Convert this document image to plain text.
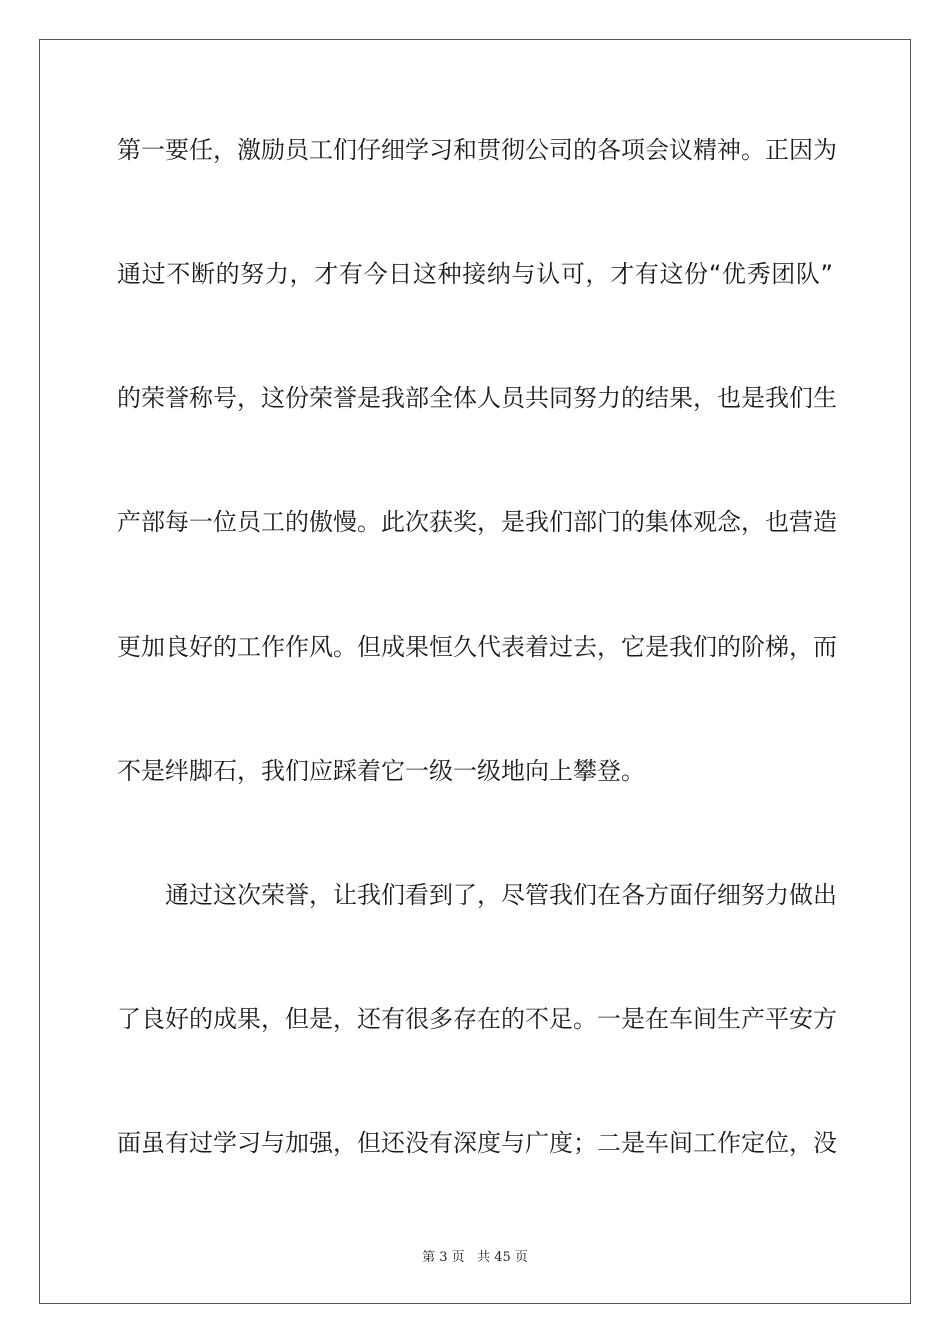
第一要任，激励员工们仔细学习和贯彻公司的各项会议精神。正因为
通过不断的努力，才有今日这种接纳与认可，才有这份“优秀团队”
的荣誉称号，这份荣誉是我部全体人员共同努力的结果，也是我们生
产部每一位员工的傲慢。此次获奖，是我们部门的集体观念，也营造
更加良好的工作作风。但成果恒久代表着过去，它是我们的阶梯，而
不是绊脚石，我们应踩着它一级一级地向上攀登。
通过这次荣誉，让我们看到了，尽管我们在各方面仔细努力做出
了良好的成果，但是，还有很多存在的不足。一是在车间生产平安方
面虽有过学习与加强，但还没有深度与广度；二是车间工作定位，没
第 3 页 共 45 页
